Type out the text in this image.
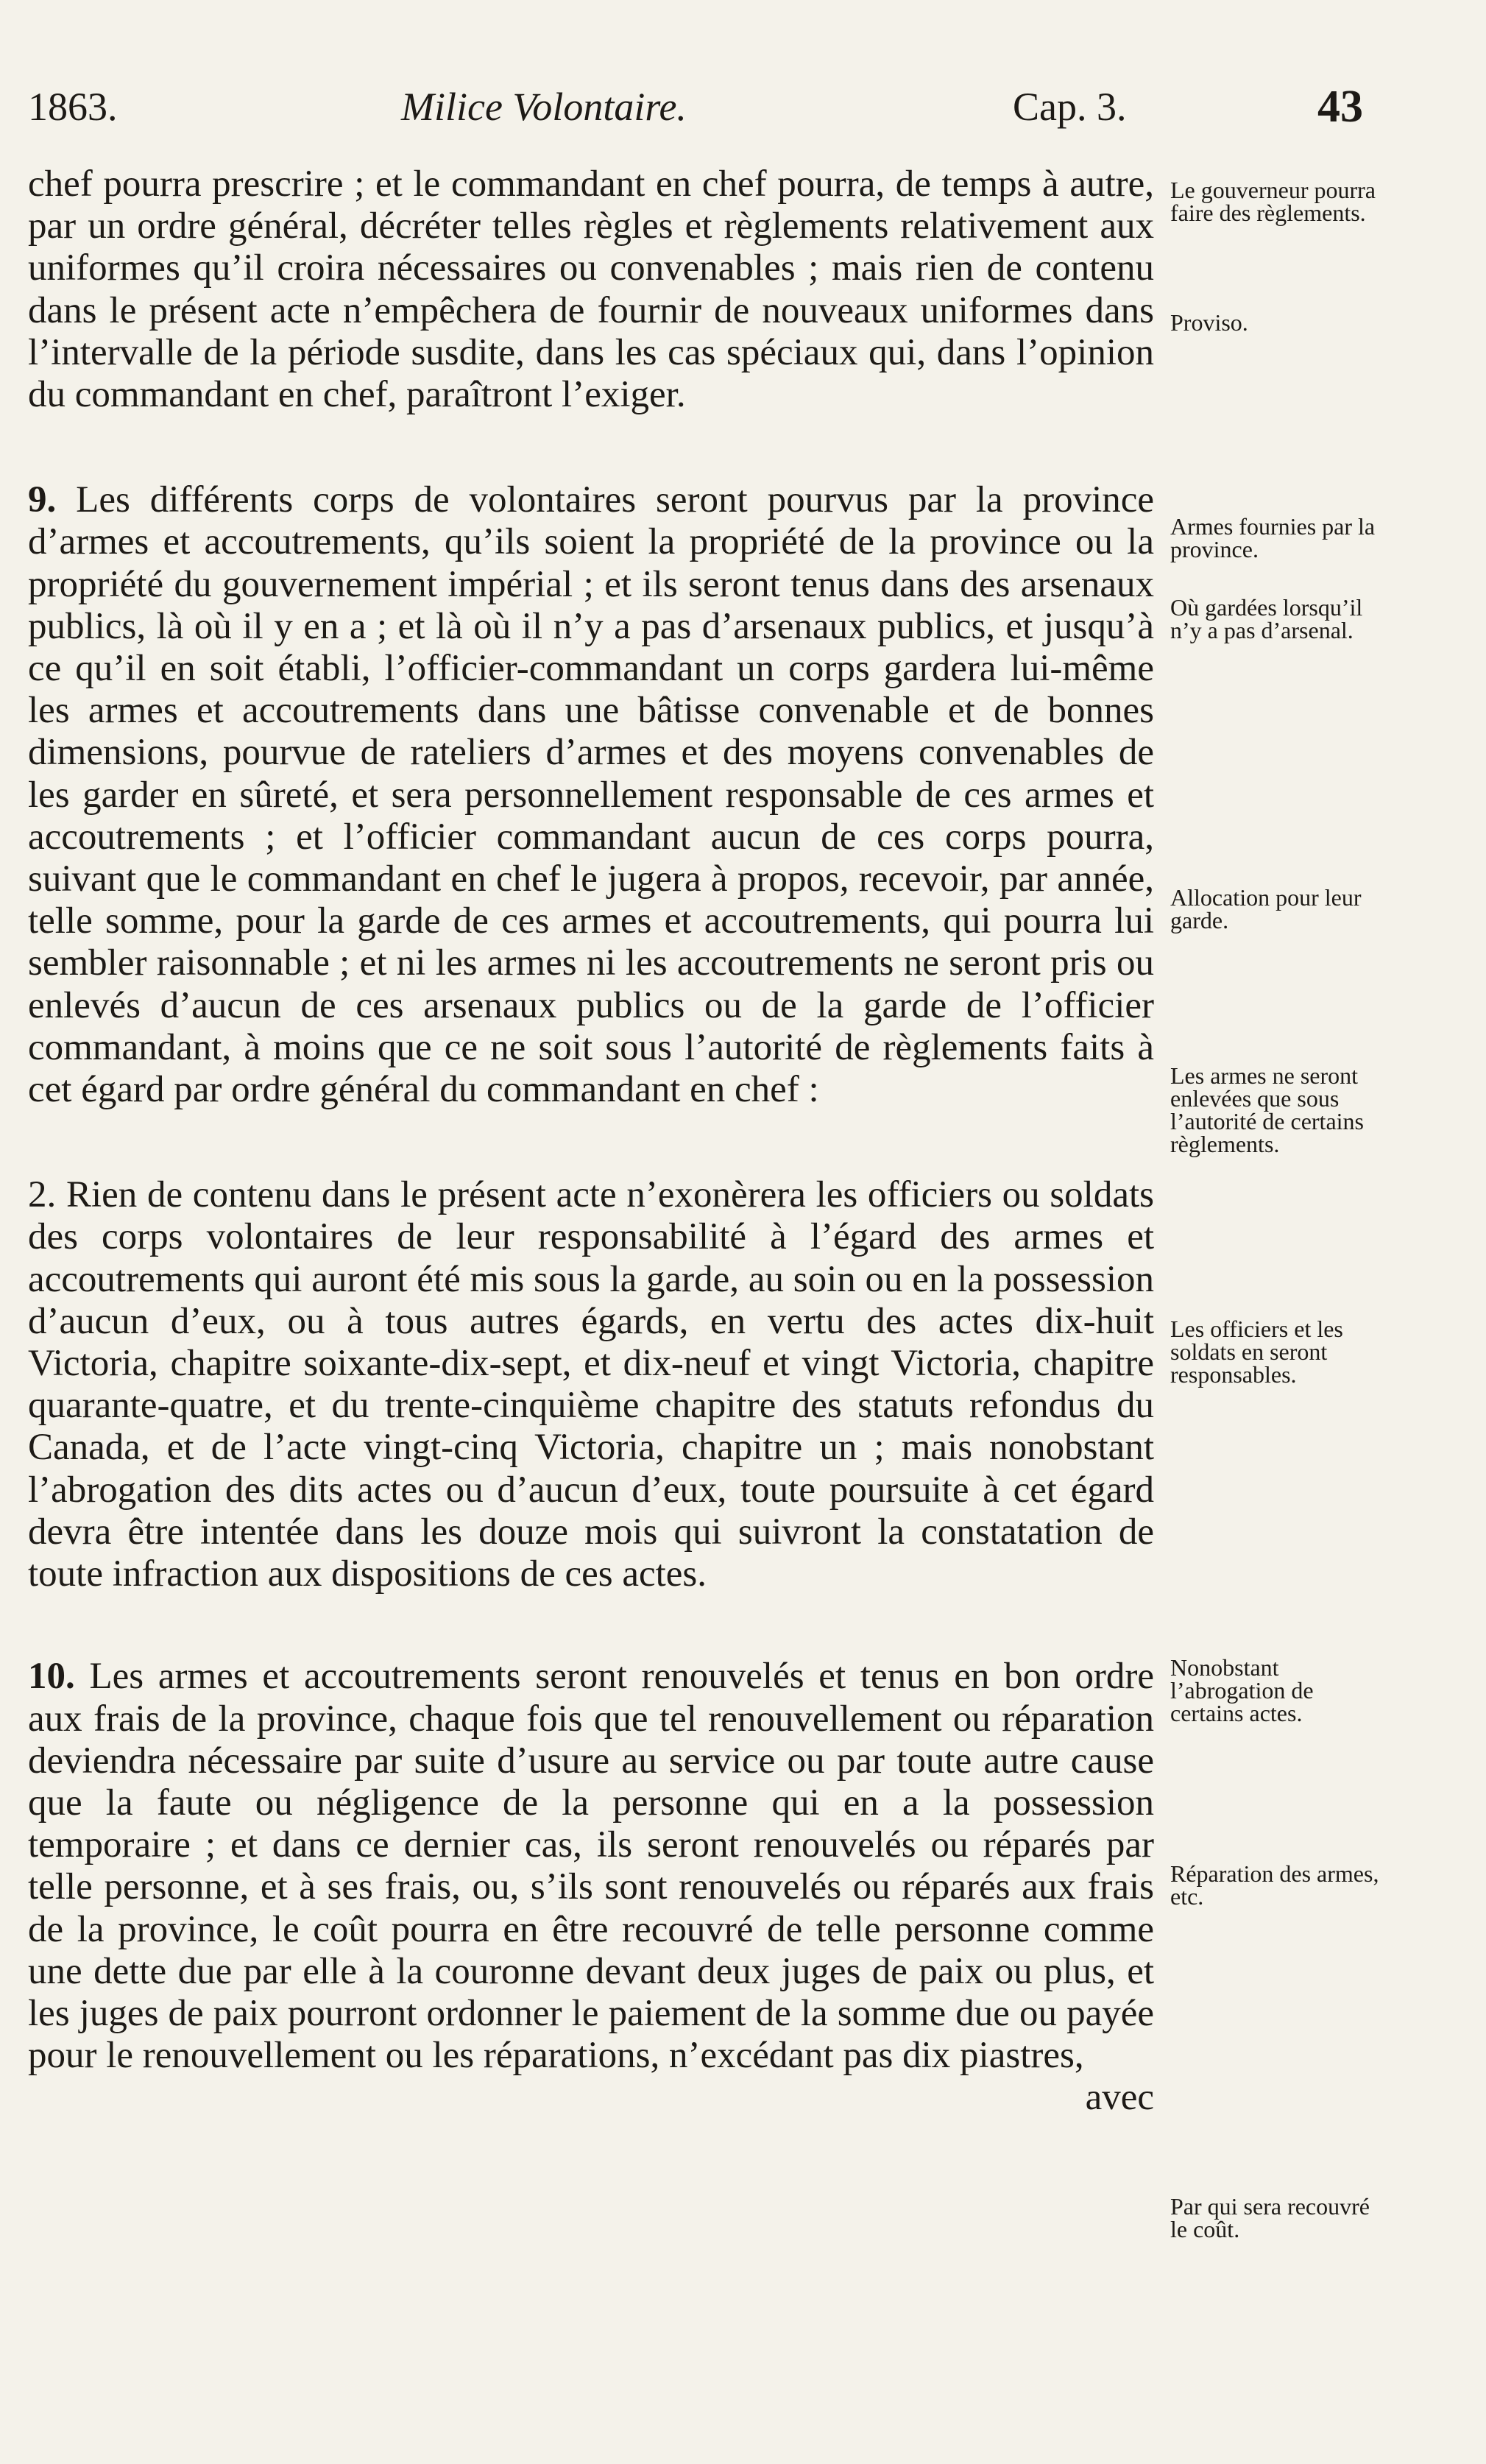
1863.	Milice Volontaire.	Cap. 3.	43

chef pourra prescrire ; et le commandant en chef pourra, de temps à autre, par un ordre général, décréter telles règles et règlements relativement aux uniformes qu’il croira nécessaires ou convenables ; mais rien de contenu dans le présent acte n’empêchera de fournir de nouveaux uniformes dans l’intervalle de la période susdite, dans les cas spéciaux qui, dans l’opinion du commandant en chef, paraîtront l’exiger.

9. Les différents corps de volontaires seront pourvus par la province d’armes et accoutrements, qu’ils soient la propriété de la province ou la propriété du gouvernement impérial ; et ils seront tenus dans des arsenaux publics, là où il y en a ; et là où il n’y a pas d’arsenaux publics, et jusqu’à ce qu’il en soit établi, l’officier-commandant un corps gardera lui-même les armes et accoutrements dans une bâtisse convenable et de bonnes dimensions, pourvue de rateliers d’armes et des moyens convenables de les garder en sûreté, et sera personnellement responsable de ces armes et accoutrements ; et l’officier commandant aucun de ces corps pourra, suivant que le commandant en chef le jugera à propos, recevoir, par année, telle somme, pour la garde de ces armes et accoutrements, qui pourra lui sembler raisonnable ; et ni les armes ni les accoutrements ne seront pris ou enlevés d’aucun de ces arsenaux publics ou de la garde de l’officier commandant, à moins que ce ne soit sous l’autorité de règlements faits à cet égard par ordre général du commandant en chef :

2. Rien de contenu dans le présent acte n’exonèrera les officiers ou soldats des corps volontaires de leur responsabilité à l’égard des armes et accoutrements qui auront été mis sous la garde, au soin ou en la possession d’aucun d’eux, ou à tous autres égards, en vertu des actes dix-huit Victoria, chapitre soixante-dix-sept, et dix-neuf et vingt Victoria, chapitre quarante-quatre, et du trente-cinquième chapitre des statuts refondus du Canada, et de l’acte vingt-cinq Victoria, chapitre un ; mais nonobstant l’abrogation des dits actes ou d’aucun d’eux, toute poursuite à cet égard devra être intentée dans les douze mois qui suivront la constatation de toute infraction aux dispositions de ces actes.

10. Les armes et accoutrements seront renouvelés et tenus en bon ordre aux frais de la province, chaque fois que tel renouvellement ou réparation deviendra nécessaire par suite d’usure au service ou par toute autre cause que la faute ou négligence de la personne qui en a la possession temporaire ; et dans ce dernier cas, ils seront renouvelés ou réparés par telle personne, et à ses frais, ou, s’ils sont renouvelés ou réparés aux frais de la province, le coût pourra en être recouvré de telle personne comme une dette due par elle à la couronne devant deux juges de paix ou plus, et les juges de paix pourront ordonner le paiement de la somme due ou payée pour le renouvellement ou les réparations, n’excédant pas dix piastres,

avec

Le gouverneur pourra faire des règlements.
Proviso.
Armes fournies par la province.
Où gardées lorsqu’il n’y a pas d’arsenal.
Allocation pour leur garde.
Les armes ne seront enlevées que sous l’autorité de certains règlements.
Les officiers et les soldats en seront responsables.
Nonobstant l’abrogation de certains actes.
Réparation des armes, etc.
Par qui sera recouvré le coût.
